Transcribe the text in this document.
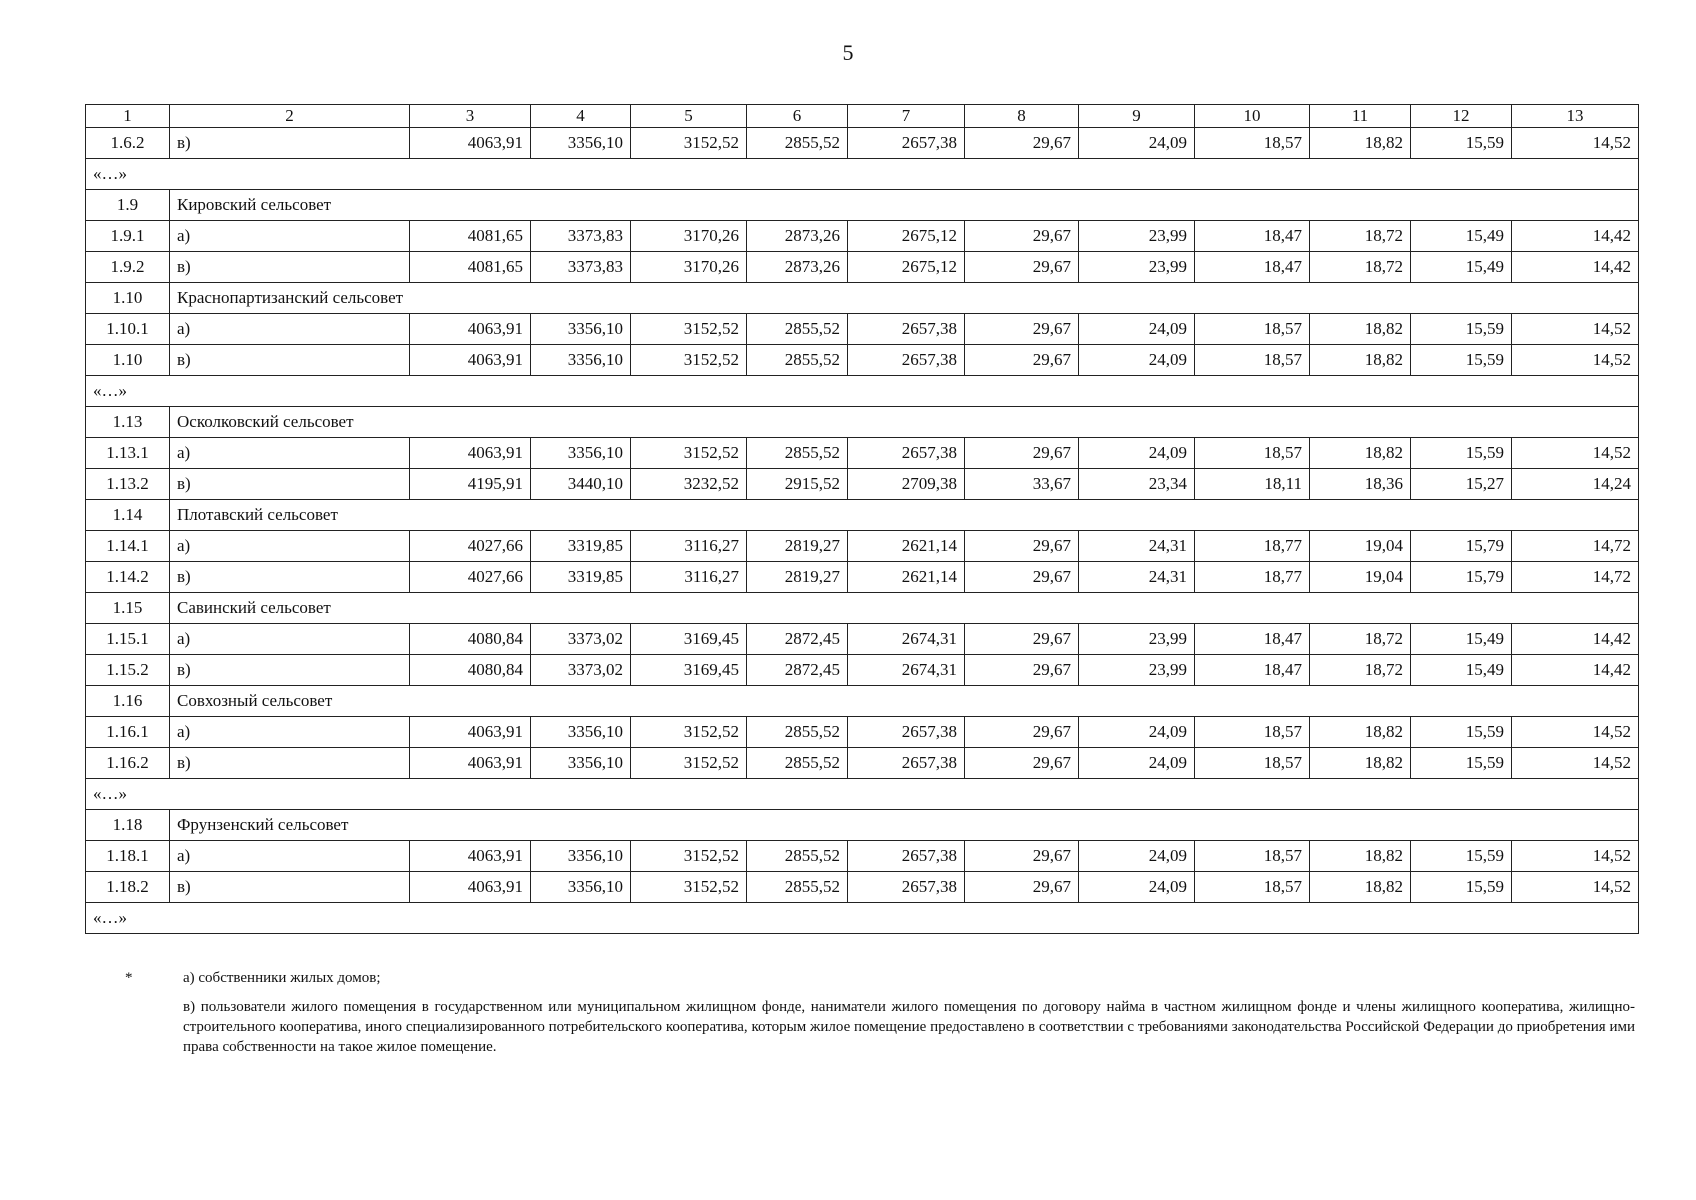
5
1	2	3	4	5	6	7	8	9	10	11	12	13
1.6.2	в)	4063,91	3356,10	3152,52	2855,52	2657,38	29,67	24,09	18,57	18,82	15,59	14,52
«…»												
1.9	Кировский сельсовет											
1.9.1	а)	4081,65	3373,83	3170,26	2873,26	2675,12	29,67	23,99	18,47	18,72	15,49	14,42
1.9.2	в)	4081,65	3373,83	3170,26	2873,26	2675,12	29,67	23,99	18,47	18,72	15,49	14,42
1.10	Краснопартизанский сельсовет											
1.10.1	а)	4063,91	3356,10	3152,52	2855,52	2657,38	29,67	24,09	18,57	18,82	15,59	14,52
1.10	в)	4063,91	3356,10	3152,52	2855,52	2657,38	29,67	24,09	18,57	18,82	15,59	14,52
«…»												
1.13	Осколковский сельсовет											
1.13.1	а)	4063,91	3356,10	3152,52	2855,52	2657,38	29,67	24,09	18,57	18,82	15,59	14,52
1.13.2	в)	4195,91	3440,10	3232,52	2915,52	2709,38	33,67	23,34	18,11	18,36	15,27	14,24
1.14	Плотавский сельсовет											
1.14.1	а)	4027,66	3319,85	3116,27	2819,27	2621,14	29,67	24,31	18,77	19,04	15,79	14,72
1.14.2	в)	4027,66	3319,85	3116,27	2819,27	2621,14	29,67	24,31	18,77	19,04	15,79	14,72
1.15	Савинский сельсовет											
1.15.1	а)	4080,84	3373,02	3169,45	2872,45	2674,31	29,67	23,99	18,47	18,72	15,49	14,42
1.15.2	в)	4080,84	3373,02	3169,45	2872,45	2674,31	29,67	23,99	18,47	18,72	15,49	14,42
1.16	Совхозный сельсовет											
1.16.1	а)	4063,91	3356,10	3152,52	2855,52	2657,38	29,67	24,09	18,57	18,82	15,59	14,52
1.16.2	в)	4063,91	3356,10	3152,52	2855,52	2657,38	29,67	24,09	18,57	18,82	15,59	14,52
«…»												
1.18	Фрунзенский сельсовет											
1.18.1	а)	4063,91	3356,10	3152,52	2855,52	2657,38	29,67	24,09	18,57	18,82	15,59	14,52
1.18.2	в)	4063,91	3356,10	3152,52	2855,52	2657,38	29,67	24,09	18,57	18,82	15,59	14,52
«…»												
*	а) собственники жилых домов;
в) пользователи жилого помещения в государственном или муниципальном жилищном фонде, наниматели жилого помещения по договору найма в частном жилищном фонде и члены жилищного кооператива, жилищно-строительного кооператива, иного специализированного потребительского кооператива, которым жилое помещение предоставлено в соответствии с требованиями законодательства Российской Федерации до приобретения ими права собственности на такое жилое помещение.
